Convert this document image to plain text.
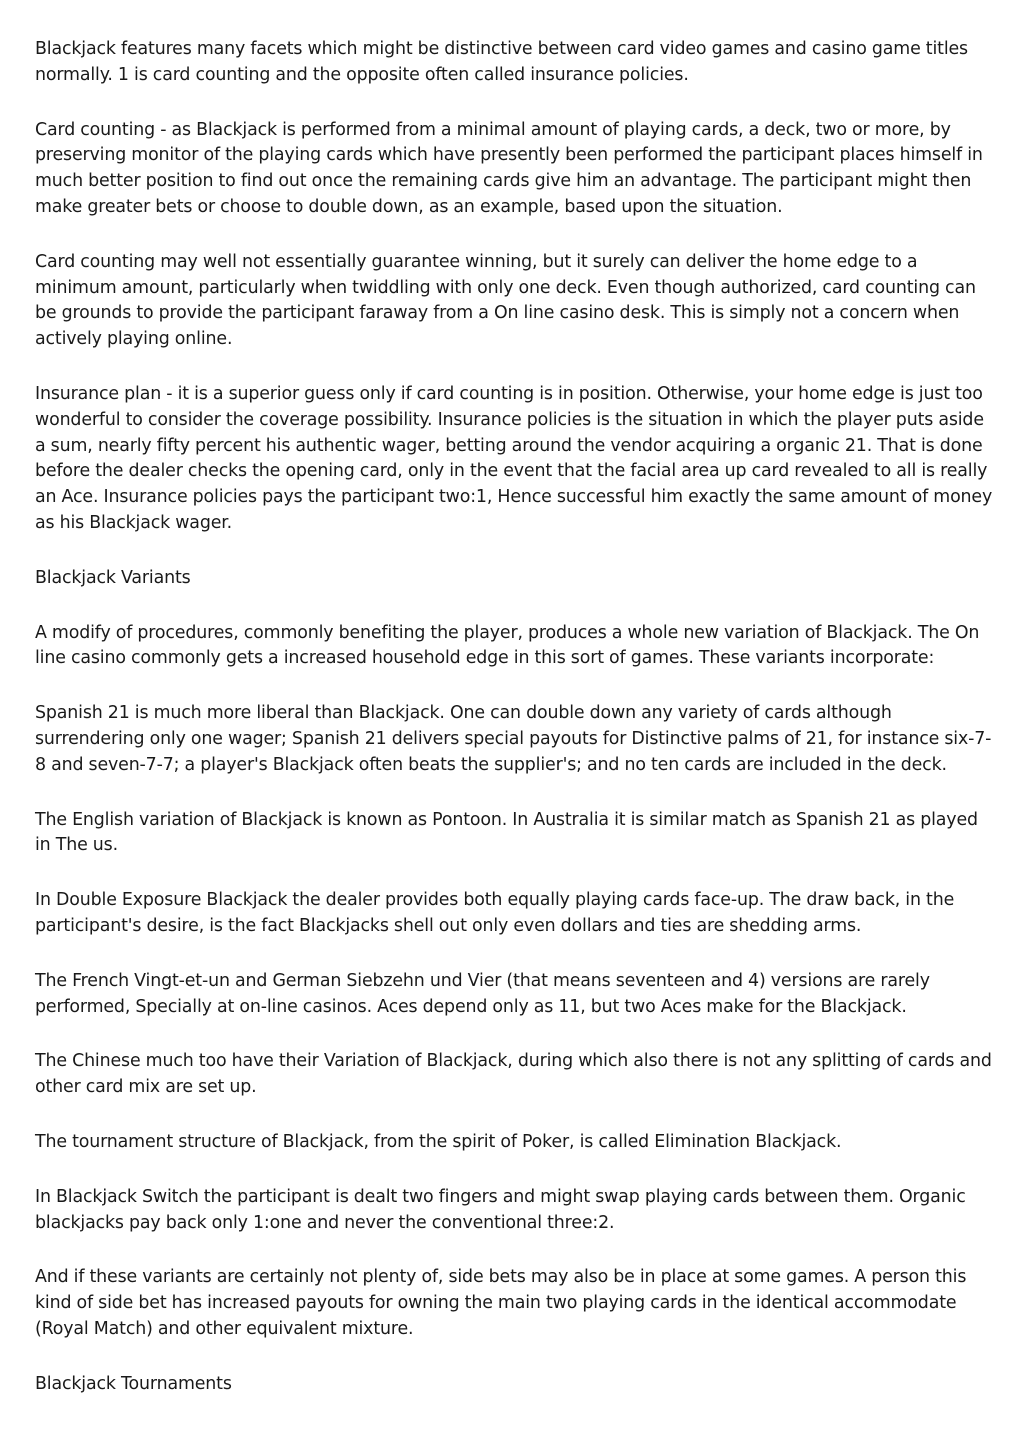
Blackjack features many facets which might be distinctive between card video games and casino game titles normally. 1 is card counting and the opposite often called insurance policies.

Card counting - as Blackjack is performed from a minimal amount of playing cards, a deck, two or more, by preserving monitor of the playing cards which have presently been performed the participant places himself in much better position to find out once the remaining cards give him an advantage. The participant might then make greater bets or choose to double down, as an example, based upon the situation.

Card counting may well not essentially guarantee winning, but it surely can deliver the home edge to a minimum amount, particularly when twiddling with only one deck. Even though authorized, card counting can be grounds to provide the participant faraway from a On line casino desk. This is simply not a concern when actively playing online.

Insurance plan - it is a superior guess only if card counting is in position. Otherwise, your home edge is just too wonderful to consider the coverage possibility. Insurance policies is the situation in which the player puts aside a sum, nearly fifty percent his authentic wager, betting around the vendor acquiring a organic 21. That is done before the dealer checks the opening card, only in the event that the facial area up card revealed to all is really an Ace. Insurance policies pays the participant two:1, Hence successful him exactly the same amount of money as his Blackjack wager.

Blackjack Variants

A modify of procedures, commonly benefiting the player, produces a whole new variation of Blackjack. The On line casino commonly gets a increased household edge in this sort of games. These variants incorporate:

Spanish 21 is much more liberal than Blackjack. One can double down any variety of cards although surrendering only one wager; Spanish 21 delivers special payouts for Distinctive palms of 21, for instance six-7-8 and seven-7-7; a player's Blackjack often beats the supplier's; and no ten cards are included in the deck.

The English variation of Blackjack is known as Pontoon. In Australia it is similar match as Spanish 21 as played in The us.

In Double Exposure Blackjack the dealer provides both equally playing cards face-up. The draw back, in the participant's desire, is the fact Blackjacks shell out only even dollars and ties are shedding arms.

The French Vingt-et-un and German Siebzehn und Vier (that means seventeen and 4) versions are rarely performed, Specially at on-line casinos. Aces depend only as 11, but two Aces make for the Blackjack.

The Chinese much too have their Variation of Blackjack, during which also there is not any splitting of cards and other card mix are set up.

The tournament structure of Blackjack, from the spirit of Poker, is called Elimination Blackjack.

In Blackjack Switch the participant is dealt two fingers and might swap playing cards between them. Organic blackjacks pay back only 1:one and never the conventional three:2.

And if these variants are certainly not plenty of, side bets may also be in place at some games. A person this kind of side bet has increased payouts for owning the main two playing cards in the identical accommodate (Royal Match) and other equivalent mixture.

Blackjack Tournaments
